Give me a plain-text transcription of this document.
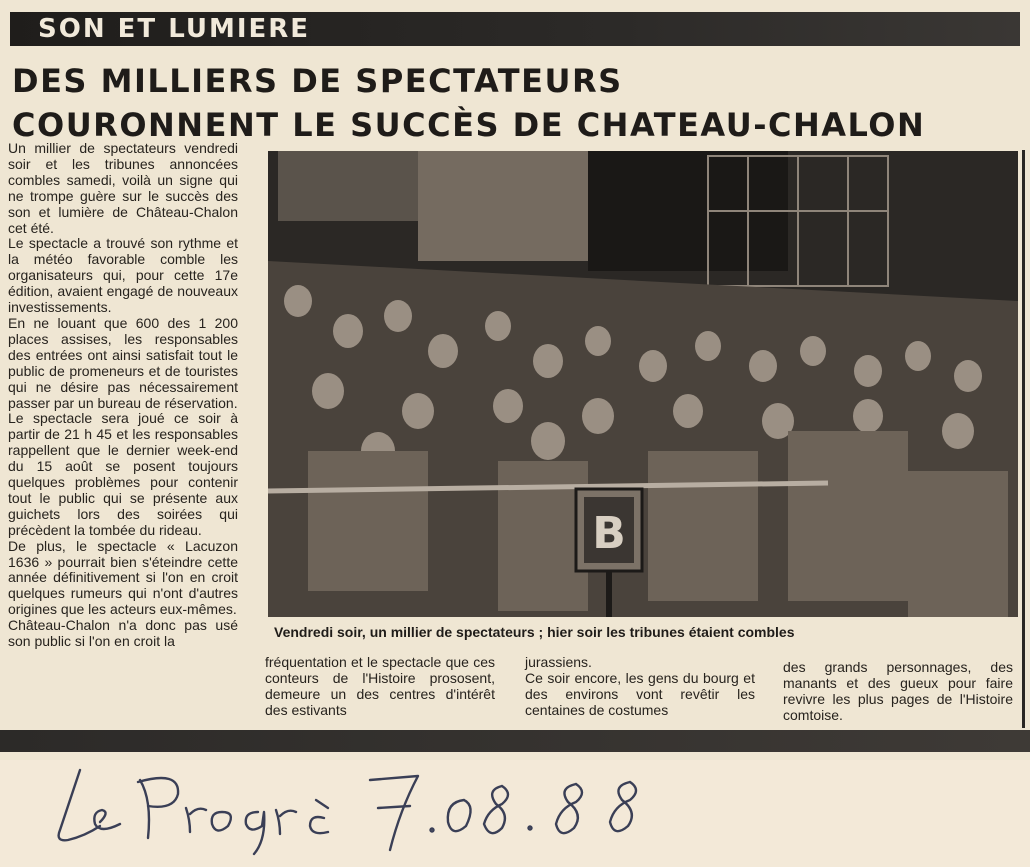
SON ET LUMIERE
DES MILLIERS DE SPECTATEURS
COURONNENT LE SUCCÈS DE CHATEAU-CHALON

Un millier de spectateurs vendredi soir et les tribunes annoncées combles samedi, voilà un signe qui ne trompe guère sur le succès des son et lumière de Château-Chalon cet été.

Le spectacle a trouvé son rythme et la météo favorable comble les organisateurs qui, pour cette 17e édition, avaient engagé de nouveaux investissements.

En ne louant que 600 des 1 200 places assises, les responsables des entrées ont ainsi satisfait tout le public de promeneurs et de touristes qui ne désire pas nécessairement passer par un bureau de réservation.

Le spectacle sera joué ce soir à partir de 21 h 45 et les responsables rappellent que le dernier week-end du 15 août se posent toujours quelques problèmes pour contenir tout le public qui se présente aux guichets lors des soirées qui précèdent la tombée du rideau.

De plus, le spectacle « Lacuzon 1636 » pourrait bien s'éteindre cette année définitivement si l'on en croit quelques rumeurs qui n'ont d'autres origines que les acteurs eux-mêmes.

Château-Chalon n'a donc pas usé son public si l'on en croit la

B
Vendredi soir, un millier de spectateurs ; hier soir les tribunes étaient combles

fréquentation et le spectacle que ces conteurs de l'Histoire prososent, demeure un des centres d'intérêt des estivants

jurassiens.

Ce soir encore, les gens du bourg et des environs vont revêtir les centaines de costumes

des grands personnages, des manants et des gueux pour faire revivre les plus pages de l'Histoire comtoise.
